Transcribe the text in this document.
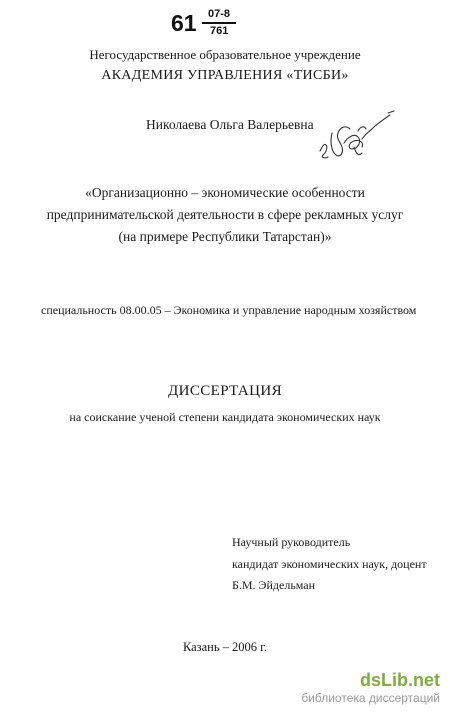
61 07-8
761
Негосударственное образовательное учреждение
АКАДЕМИЯ УПРАВЛЕНИЯ «ТИСБИ»
Николаева Ольга Валерьевна
«Организационно – экономические особенности
предпринимательской деятельности в сфере рекламных услуг
(на примере Республики Татарстан)»
специальность 08.00.05 – Экономика и управление народным хозяйством
ДИССЕРТАЦИЯ
на соискание ученой степени кандидата экономических наук
Научный руководитель
кандидат экономических наук, доцент
Б.М. Эйдельман
Казань – 2006 г.
dsLib.net
библиотека диссертаций
